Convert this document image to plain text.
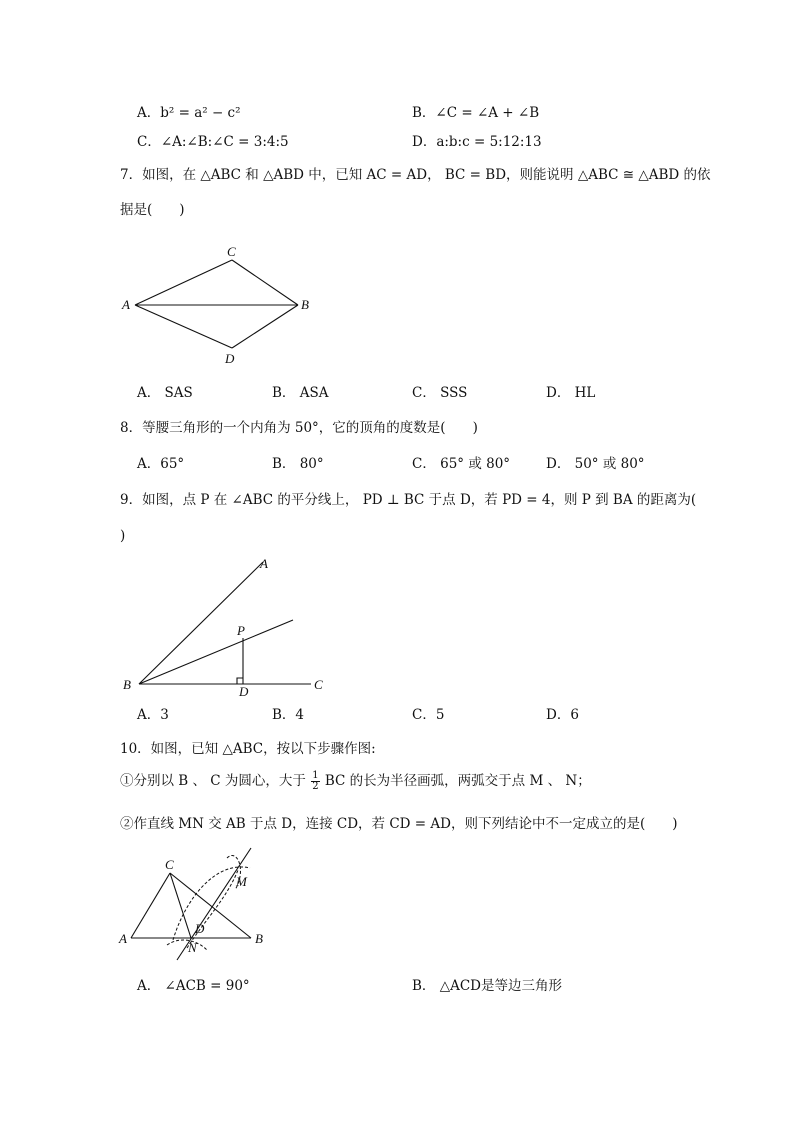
A．b² = a² − c²	B．∠C = ∠A + ∠B
C．∠A:∠B:∠C = 3:4:5	D．a:b:c = 5:12:13
7．如图，在 △ABC 和 △ABD 中，已知 AC = AD， BC = BD，则能说明 △ABC ≅ △ABD 的依
据是(　　)
A	B
C
D
A． SAS	B． ASA	C． SSS	D． HL
8．等腰三角形的一个内角为 50°，它的顶角的度数是(　　)
A．65°	B． 80°	C． 65° 或 80°	D． 50° 或 80°
9．如图，点 P 在 ∠ABC 的平分线上， PD ⊥ BC 于点 D，若 PD = 4，则 P 到 BA 的距离为(
)
A
B	C
D
P
A．3	B．4	C．5	D．6
10．如图，已知 △ABC，按以下步骤作图:
①分别以 B 、 C 为圆心，大于 $\frac{1}{2}$ BC 的长为半径画弧，两弧交于点 M 、 N；
②作直线 MN 交 AB 于点 D，连接 CD，若 CD = AD，则下列结论中不一定成立的是(　　)
A	B
C
D
M
N
A． ∠ACB = 90°	B． △ACD是等边三角形
